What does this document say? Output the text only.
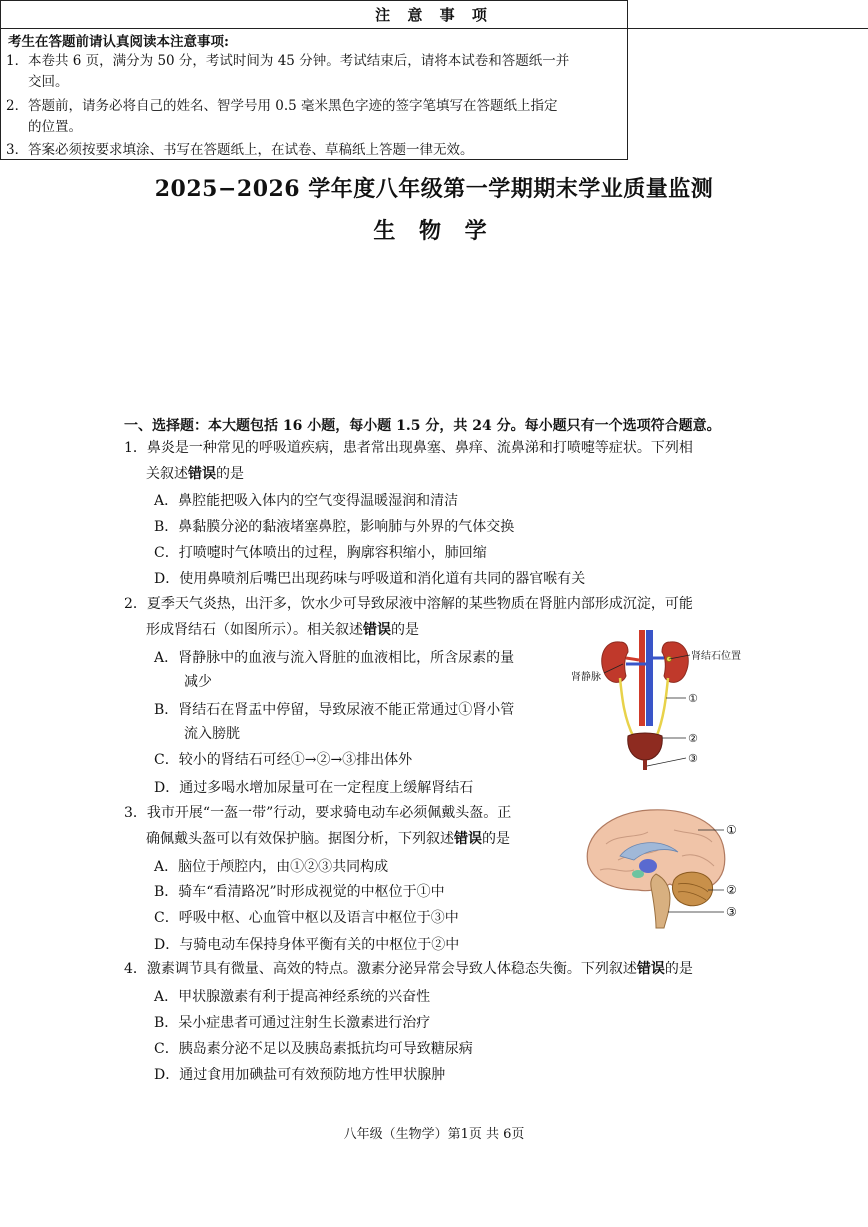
2025−2026 学年度八年级第一学期期末学业质量监测
生 物 学
注 意 事 项
考生在答题前请认真阅读本注意事项:
1．本卷共 6 页，满分为 50 分，考试时间为 45 分钟。考试结束后，请将本试卷和答题纸一并
交回。
2．答题前，请务必将自己的姓名、智学号用 0.5 毫米黑色字迹的签字笔填写在答题纸上指定
的位置。
3．答案必须按要求填涂、书写在答题纸上，在试卷、草稿纸上答题一律无效。
一、选择题：本大题包括 16 小题，每小题 1.5 分，共 24 分。每小题只有一个选项符合题意。
1．鼻炎是一种常见的呼吸道疾病，患者常出现鼻塞、鼻痒、流鼻涕和打喷嚏等症状。下列相
关叙述错误的是
A．鼻腔能把吸入体内的空气变得温暖湿润和清洁
B．鼻黏膜分泌的黏液堵塞鼻腔，影响肺与外界的气体交换
C．打喷嚏时气体喷出的过程，胸廓容积缩小，肺回缩
D．使用鼻喷剂后嘴巴出现药味与呼吸道和消化道有共同的器官喉有关
2．夏季天气炎热，出汗多，饮水少可导致尿液中溶解的某些物质在肾脏内部形成沉淀，可能
形成肾结石（如图所示）。相关叙述错误的是
A．肾静脉中的血液与流入肾脏的血液相比，所含尿素的量
减少
B．肾结石在肾盂中停留，导致尿液不能正常通过①肾小管
流入膀胱
C．较小的肾结石可经①→②→③排出体外
D．通过多喝水增加尿量可在一定程度上缓解肾结石
肾结石位置
肾静脉
①
②
③
3．我市开展“一盔一带”行动，要求骑电动车必须佩戴头盔。正
确佩戴头盔可以有效保护脑。据图分析，下列叙述错误的是
A．脑位于颅腔内，由①②③共同构成
B．骑车“看清路况”时形成视觉的中枢位于①中
C．呼吸中枢、心血管中枢以及语言中枢位于③中
D．与骑电动车保持身体平衡有关的中枢位于②中
①
②
③
4．激素调节具有微量、高效的特点。激素分泌异常会导致人体稳态失衡。下列叙述错误的是
A．甲状腺激素有利于提高神经系统的兴奋性
B．呆小症患者可通过注射生长激素进行治疗
C．胰岛素分泌不足以及胰岛素抵抗均可导致糖尿病
D．通过食用加碘盐可有效预防地方性甲状腺肿
八年级（生物学）第1页 共 6页
